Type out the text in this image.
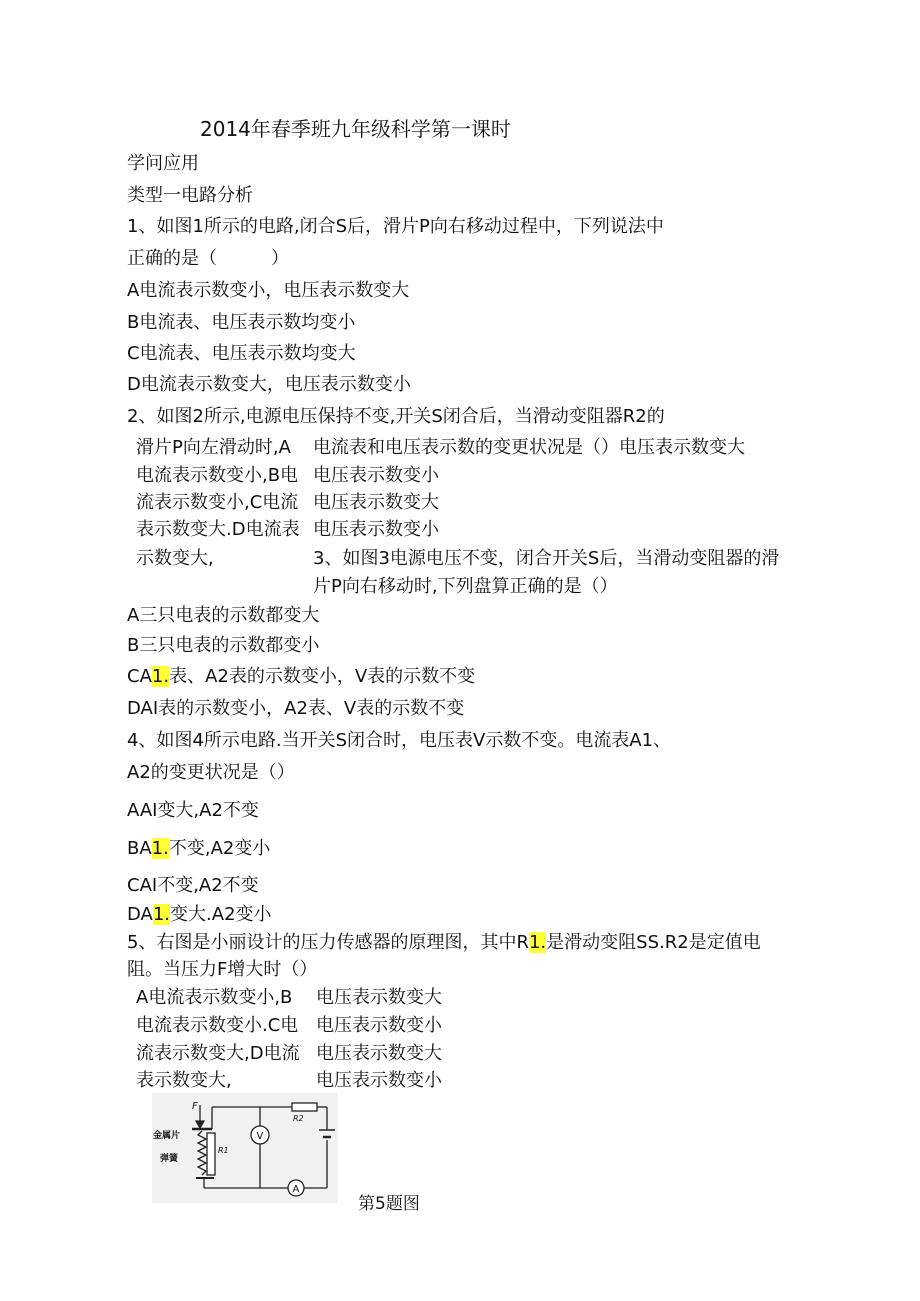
2014年春季班九年级科学第一课时
学问应用
类型一电路分析
1、如图1所示的电路,闭合S后，滑片P向右移动过程中，下列说法中
正确的是（　　　）
A电流表示数变小，电压表示数变大
B电流表、电压表示数均变小
C电流表、电压表示数均变大
D电流表示数变大，电压表示数变小
2、如图2所示,电源电压保持不变,开关S闭合后，当滑动变阻器R2的
滑片P向左滑动时,A
电流表示数变小,B电
流表示数变小,C电流
表示数变大.D电流表
示数变大,
电流表和电压表示数的变更状况是（）电压表示数变大
电压表示数变小
电压表示数变大
电压表示数变小
3、如图3电源电压不变，闭合开关S后，当滑动变阻器的滑
片P向右移动时,下列盘算正确的是（）
A三只电表的示数都变大
B三只电表的示数都变小
CA1.表、A2表的示数变小，V表的示数不变
DAI表的示数变小，A2表、V表的示数不变
4、如图4所示电路.当开关S闭合时，电压表V示数不变。电流表A1、
A2的变更状况是（）
AAI变大,A2不变
BA1.不变,A2变小
CAI不变,A2不变
DA1.变大.A2变小
5、右图是小丽设计的压力传感器的原理图，其中R1.是滑动变阻SS.R2是定值电
阻。当压力F增大时（）
A电流表示数变小,B
电流表示数变小.C电
流表示数变大,D电流
表示数变大,
电压表示数变大
电压表示数变小
电压表示数变大
电压表示数变小
F
金属片
弹簧
R1
R2
V
A
第5题图
